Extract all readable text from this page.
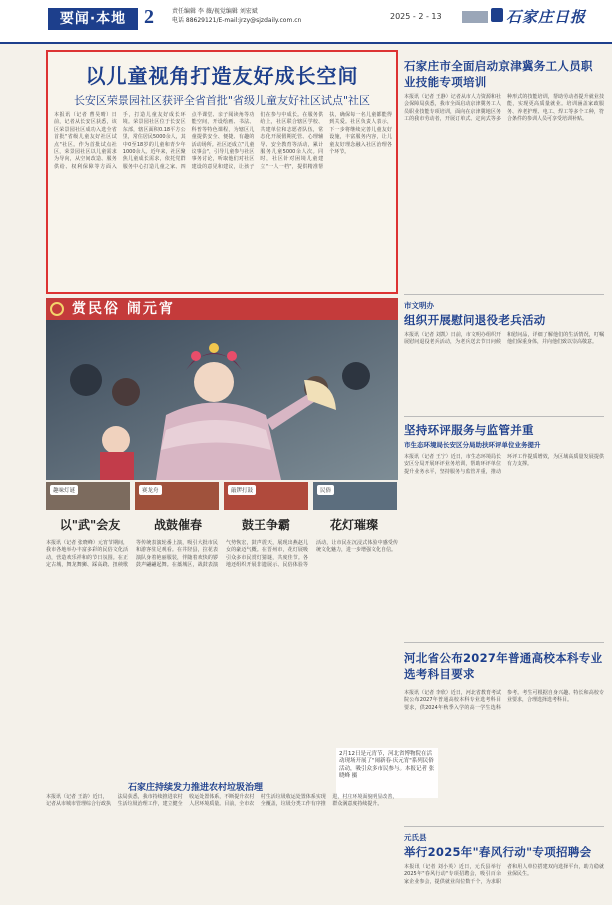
要闻·本地 2	责任编辑 李 薇/视觉编辑 刘宏斌
电话 88629121/E-mail:jrzy@sjzdaily.com.cn	2025 - 2 - 13	石家庄日报
以儿童视角打造友好成长空间
长安区荣景园社区获评全省首批"省级儿童友好社区试点"社区
本报讯（记者 曹昊晴）日前，记者从长安区获悉，该区荣景园社区成功入选全省首批"省级儿童友好社区试点"社区。作为首批试点社区，荣景园社区以儿童需求为导向，从空间改造、服务供给、权利保障等方面入手，打造儿童友好成长环境。荣景园社区位于长安区东部，辖区面积0.18平方公里，常住居民5000余人，其中0至18岁的儿童和青少年1000余人。近年来，社区聚焦儿童成长需求，依托党群服务中心打造儿童之家、四点半课堂、亲子阅读角等功能空间，开设绘画、书法、科普等特色课程，为辖区儿童提供安全、便捷、有趣的活动场所。社区还成立"儿童议事会"，引导儿童参与社区事务讨论，听取他们对社区建设的意见和建议，让孩子们在参与中成长。在服务供给上，社区联合辖区学校、共建单位和志愿者队伍，常态化开展假期托管、心理辅导、安全教育等活动，累计服务儿童5000余人次。同时，社区针对困境儿童建立"一人一档"，提供精准帮扶，确保每一名儿童都能得到关爱。社区负责人表示，下一步将继续完善儿童友好设施，丰富服务内容，让儿童友好理念融入社区治理各个环节。
赏民俗 闹元宵
2月12日是元宵节，河北省博物院在活动现场开展了"闹新春·庆元宵"系列民俗活动，吸引众多市民参与。本报记者 张晓峰 摄
趣味灯谜	赛龙舟	敲锣打鼓	民俗
以"武"会友	战鼓催春	鼓王争霸	花灯璀璨
本报讯（记者 张晓峰）元宵节期间，我市各地举办丰富多彩的民俗文化活动，营造欢乐祥和的节日氛围。在正定古城，舞龙舞狮、踩高跷、扭秧歌等传统表演轮番上演，吸引大批市民和游客驻足观看。在井陉县，拉花表演队身着艳丽服装，伴随着欢快的锣鼓声翩翩起舞。在藁城区，战鼓表演气势恢宏，鼓声震天，展现出燕赵儿女的豪迈气概。在晋州市，花灯展吸引众多市民赏灯猜谜，共度佳节。各地还组织开展非遗展示、民俗体验等活动，让市民在沉浸式体验中感受传统文化魅力，进一步增强文化自信。
石家庄持续发力推进农村垃圾治理
本报讯（记者 王韵）近日，记者从市城市管理综合行政执法局获悉，我市持续推进农村生活垃圾治理工作，建立健全收运处置体系，不断提升农村人居环境质量。目前，全市农村生活垃圾收运处置体系实现全覆盖，垃圾分类工作有序推进，村庄环境面貌明显改善，群众满意度持续提升。
石家庄市全面启动京津冀务工人员职业技能专项培训
本报讯（记者 王静）记者从市人力资源和社会保障局获悉，我市全面启动京津冀务工人员职业技能专项培训，面向在京津冀地区务工的我市劳动者，开展订单式、定向式等多种形式的技能培训，帮助劳动者提升就业技能，实现更高质量就业。培训涵盖家政服务、养老护理、电工、焊工等多个工种，符合条件的参训人员可享受培训补贴。
市文明办
组织开展慰问退役老兵活动
本报讯（记者 刘凯）日前，市文明办组织开展慰问退役老兵活动，为老兵送去节日问候和慰问品，详细了解他们的生活情况，叮嘱他们保重身体，并向他们致以崇高敬意。
坚持环评服务与监管并重
市生态环境局长安区分局助扶环评单位业务提升
本报讯（记者 王宁）近日，市生态环境局长安区分局开展环评业务培训，帮助环评单位提升业务水平，坚持服务与监管并重，推动环评工作提质增效，为区域高质量发展提供有力支撑。
河北省公布2027年普通高校本科专业选考科目要求
本报讯（记者 李欣）近日，河北省教育考试院公布2027年普通高校本科专业选考科目要求，供2024年秋季入学的高一学生选科参考。考生可根据自身兴趣、特长和高校专业要求，合理选择选考科目。
元氏县
举行2025年"春风行动"专项招聘会
本报讯（记者 刘小英）近日，元氏县举行2025年"春风行动"专项招聘会，吸引百余家企业参会，提供就业岗位数千个，为求职者和用人单位搭建双向选择平台，助力稳就业保民生。
